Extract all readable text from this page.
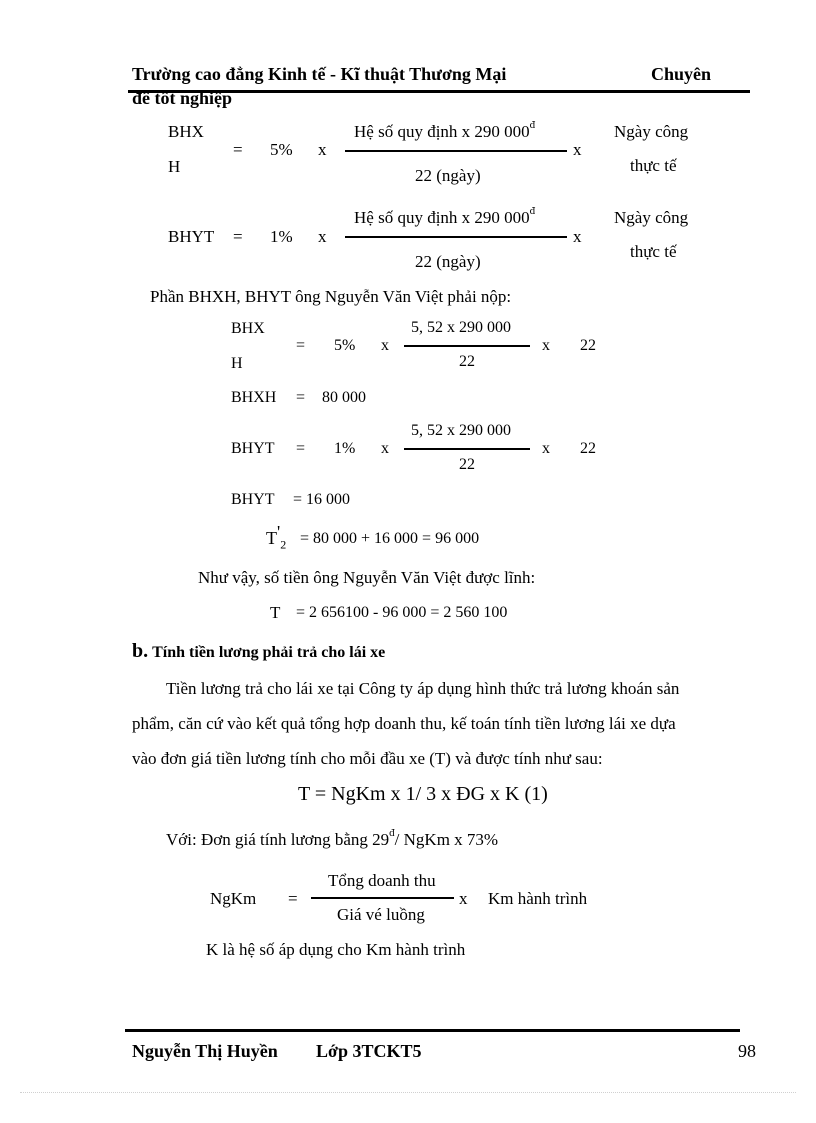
Trường cao đẳng Kinh tế - Kĩ thuật Thương Mại	Chuyên
đề tốt nghiệp
BHX
H
= 5% x
Hệ số quy định x 290 $000^đ$
22 (ngày)
x
Ngày công
thực tế
BHYT = 1% x
Hệ số quy định x 290 $000^đ$
22 (ngày)
x
Ngày công
thực tế
Phần BHXH, BHYT ông Nguyễn Văn Việt phải nộp:
BHX
H
= 5% x
5, 52 x 290 000
22
x 22
BHXH = 80 000
BHYT = 1% x
5, 52 x 290 000
22
x 22
BHYT = 16 000
$T'_2 = 80$ 000 + 16 000 = 96 000
Như vậy, số tiền ông Nguyễn Văn Việt được lĩnh:
T = 2 656100 - 96 000 = 2 560 100
b. Tính tiền lương phải trả cho lái xe
Tiền lương trả cho lái xe tại Công ty áp dụng hình thức trả lương khoán sản
phẩm, căn cứ vào kết quả tổng hợp doanh thu, kế toán tính tiền lương lái xe dựa
vào đơn giá tiền lương tính cho mỗi đầu xe (T) và được tính như sau:
T = NgKm x 1/ 3 x ĐG x K (1)
Với: Đơn giá tính lương bằng $29^đ/$ NgKm x 73%
NgKm =
Tổng doanh thu
Giá vé luồng
x Km hành trình
K là hệ số áp dụng cho Km hành trình
Nguyễn Thị Huyền Lớp 3TCKT5	98
